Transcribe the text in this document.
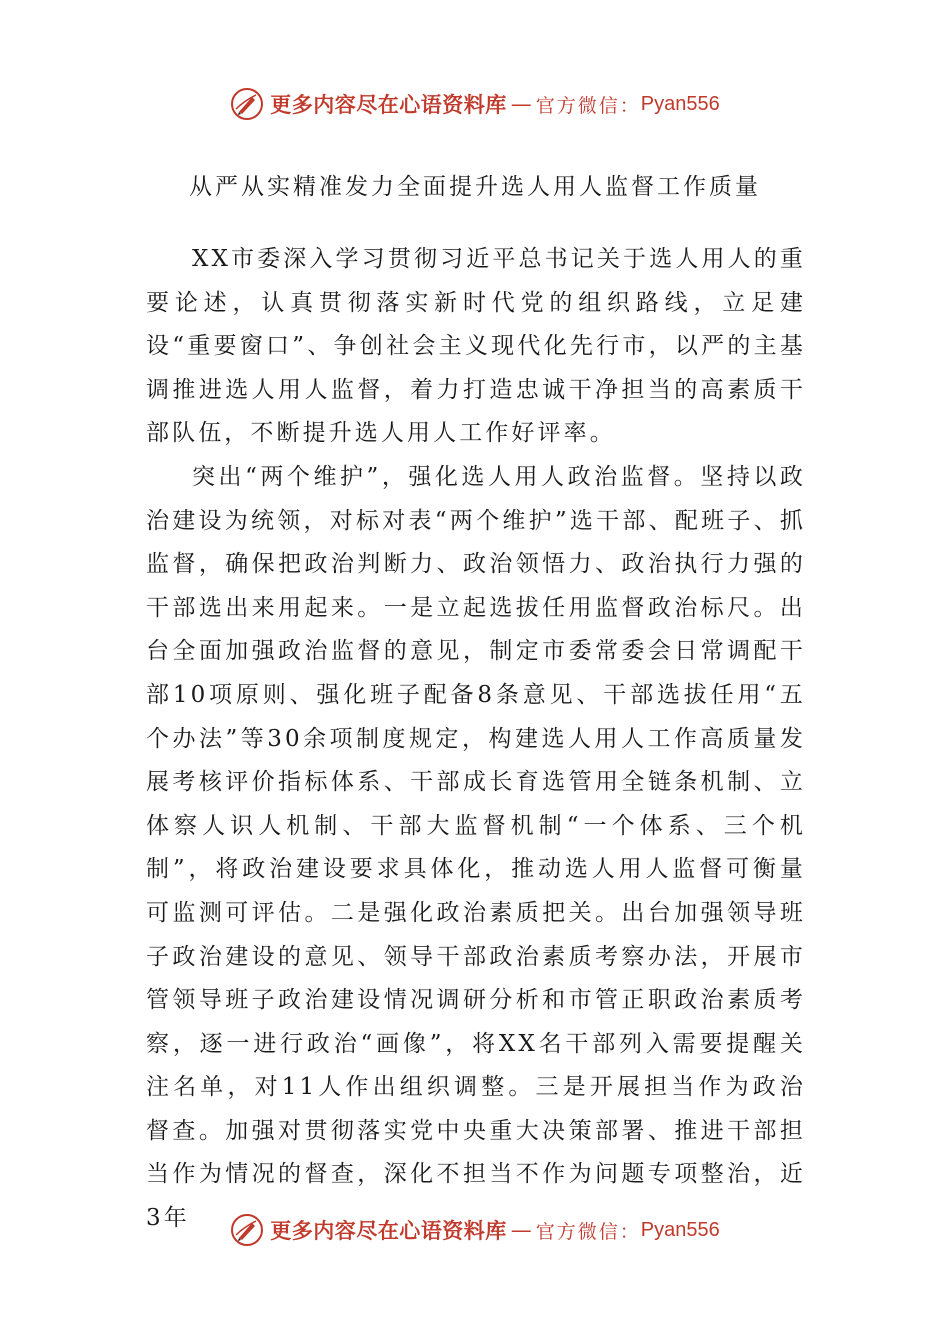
更多内容尽在心语资料库 — 官方微信： Pyan556
从严从实精准发力全面提升选人用人监督工作质量

XX市委深入学习贯彻习近平总书记关于选人用人的重要论述，认真贯彻落实新时代党的组织路线，立足建设“重要窗口”、争创社会主义现代化先行市，以严的主基调推进选人用人监督，着力打造忠诚干净担当的高素质干部队伍，不断提升选人用人工作好评率。

突出“两个维护”，强化选人用人政治监督。坚持以政治建设为统领，对标对表“两个维护”选干部、配班子、抓监督，确保把政治判断力、政治领悟力、政治执行力强的干部选出来用起来。一是立起选拔任用监督政治标尺。出台全面加强政治监督的意见，制定市委常委会日常调配干部10项原则、强化班子配备8条意见、干部选拔任用“五个办法”等30余项制度规定，构建选人用人工作高质量发展考核评价指标体系、干部成长育选管用全链条机制、立体察人识人机制、干部大监督机制“一个体系、三个机制”，将政治建设要求具体化，推动选人用人监督可衡量可监测可评估。二是强化政治素质把关。出台加强领导班子政治建设的意见、领导干部政治素质考察办法，开展市管领导班子政治建设情况调研分析和市管正职政治素质考察，逐一进行政治“画像”，将XX名干部列入需要提醒关注名单，对11人作出组织调整。三是开展担当作为政治督查。加强对贯彻落实党中央重大决策部署、推进干部担当作为情况的督查，深化不担当不作为问题专项整治，近3年	更多内容尽在心语资料库 — 官方微信： Pyan556
